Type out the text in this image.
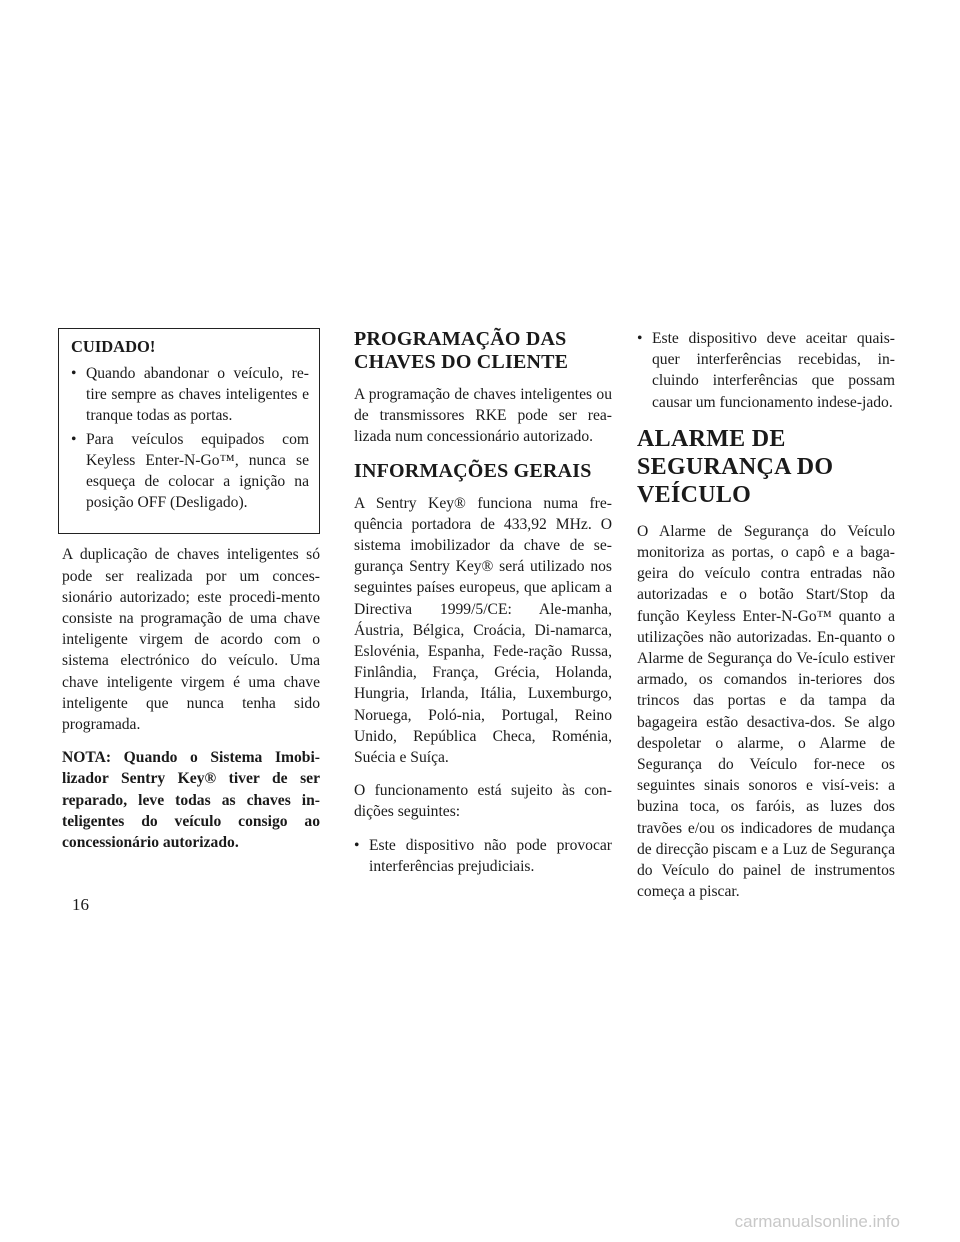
CUIDADO!
• Quando abandonar o veículo, re-tire sempre as chaves inteligentes e tranque todas as portas.
• Para veículos equipados com Keyless Enter-N-Go™, nunca se esqueça de colocar a ignição na posição OFF (Desligado).

A duplicação de chaves inteligentes só pode ser realizada por um conces-sionário autorizado; este procedi-mento consiste na programação de uma chave inteligente virgem de acordo com o sistema electrónico do veículo. Uma chave inteligente virgem é uma chave inteligente que nunca tenha sido programada.

NOTA: Quando o Sistema Imobi-lizador Sentry Key® tiver de ser reparado, leve todas as chaves in-teligentes do veículo consigo ao concessionário autorizado.

PROGRAMAÇÃO DAS
CHAVES DO CLIENTE

A programação de chaves inteligentes ou de transmissores RKE pode ser rea-lizada num concessionário autorizado.

INFORMAÇÕES GERAIS

A Sentry Key® funciona numa fre-quência portadora de 433,92 MHz. O sistema imobilizador da chave de se-gurança Sentry Key® será utilizado nos seguintes países europeus, que aplicam a Directiva 1999/5/CE: Ale-manha, Áustria, Bélgica, Croácia, Di-namarca, Eslovénia, Espanha, Fede-ração Russa, Finlândia, França, Grécia, Holanda, Hungria, Irlanda, Itália, Luxemburgo, Noruega, Poló-nia, Portugal, Reino Unido, República Checa, Roménia, Suécia e Suíça.

O funcionamento está sujeito às con-dições seguintes:

• Este dispositivo não pode provocar interferências prejudiciais.
• Este dispositivo deve aceitar quais-quer interferências recebidas, in-cluindo interferências que possam causar um funcionamento indese-jado.
ALARME DE
SEGURANÇA DO
VEÍCULO

O Alarme de Segurança do Veículo monitoriza as portas, o capô e a baga-geira do veículo contra entradas não autorizadas e o botão Start/Stop da função Keyless Enter-N-Go™ quanto a utilizações não autorizadas. En-quanto o Alarme de Segurança do Ve-ículo estiver armado, os comandos in-teriores dos trincos das portas e da tampa da bagageira estão desactiva-dos. Se algo despoletar o alarme, o Alarme de Segurança do Veículo for-nece os seguintes sinais sonoros e visí-veis: a buzina toca, os faróis, as luzes dos travões e/ou os indicadores de mudança de direcção piscam e a Luz de Segurança do Veículo do painel de instrumentos começa a piscar.

16
carmanualsonline.info
